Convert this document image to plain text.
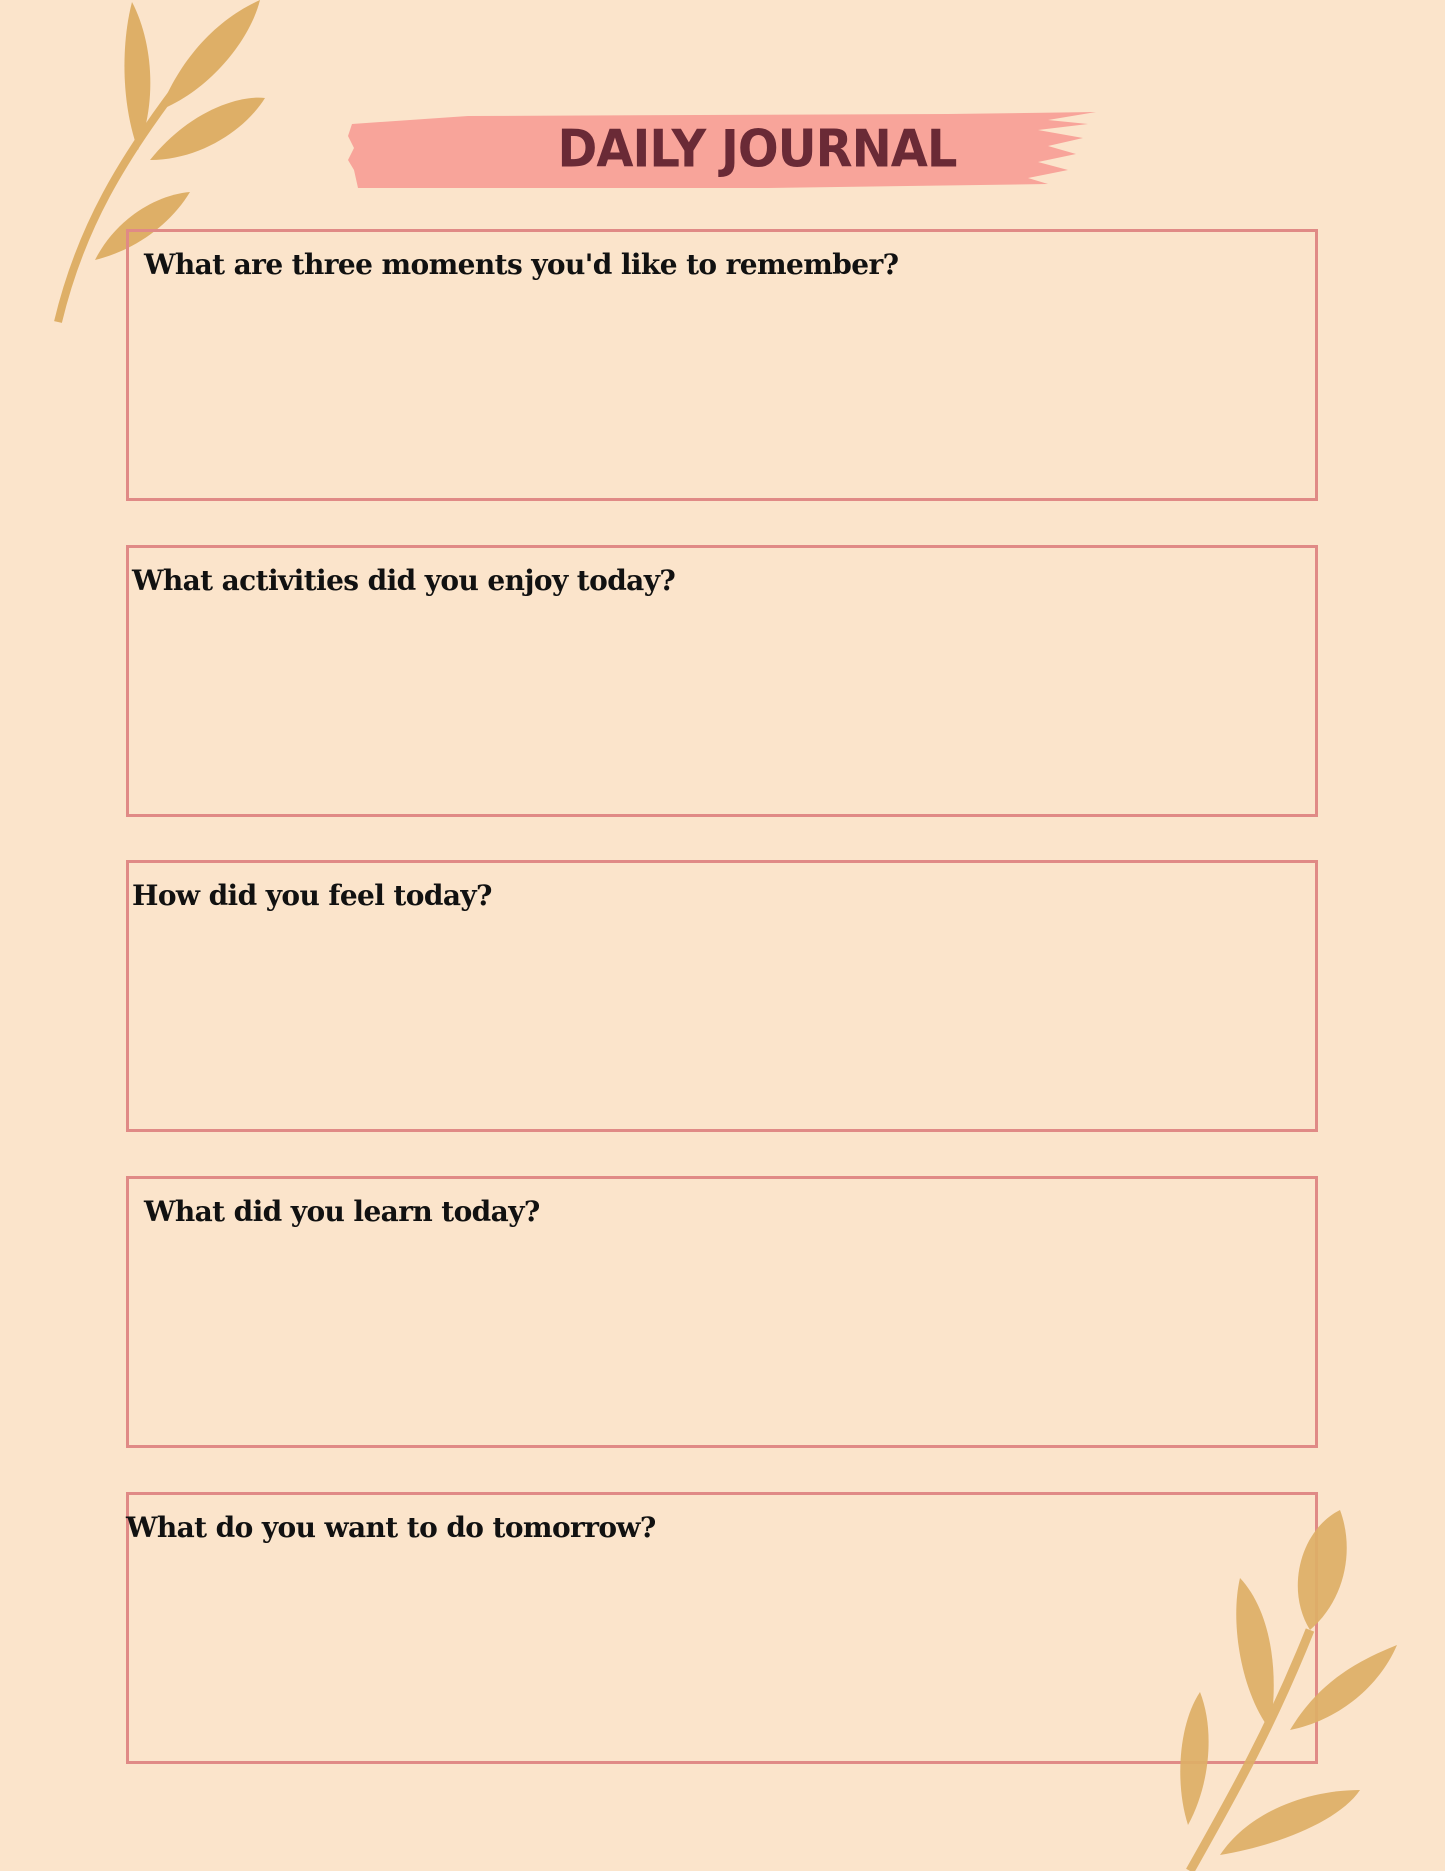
DAILY JOURNAL
What are three moments you'd like to remember?
What activities did you enjoy today?
How did you feel today?
What did you learn today?
What do you want to do tomorrow?
